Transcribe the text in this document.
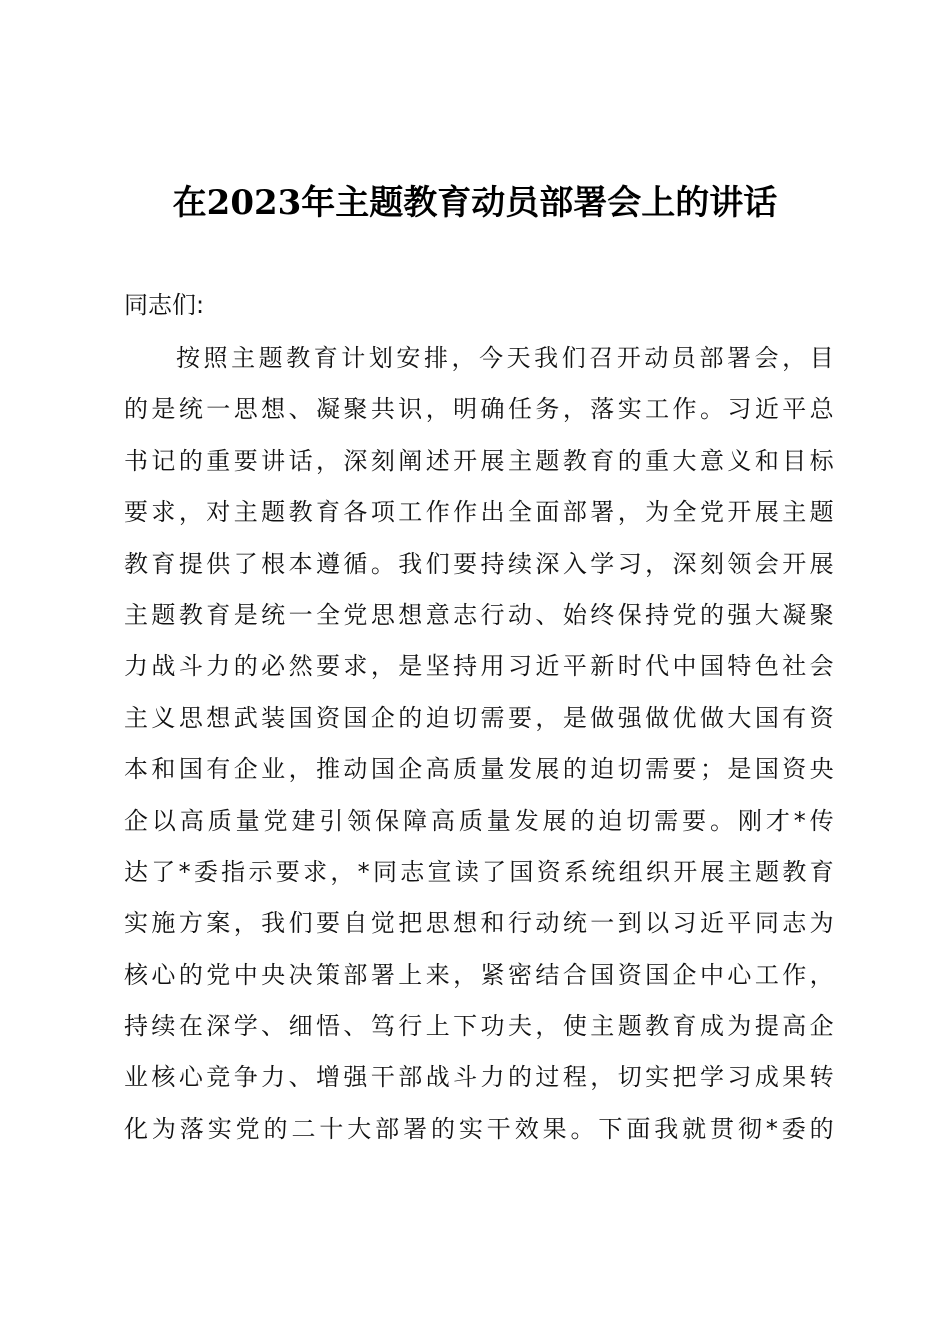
在2023年主题教育动员部署会上的讲话

同志们:

按照主题教育计划安排，今天我们召开动员部署会，目
的是统一思想、凝聚共识，明确任务，落实工作。习近平总
书记的重要讲话，深刻阐述开展主题教育的重大意义和目标
要求，对主题教育各项工作作出全面部署，为全党开展主题
教育提供了根本遵循。我们要持续深入学习，深刻领会开展
主题教育是统一全党思想意志行动、始终保持党的强大凝聚
力战斗力的必然要求，是坚持用习近平新时代中国特色社会
主义思想武装国资国企的迫切需要，是做强做优做大国有资
本和国有企业，推动国企高质量发展的迫切需要；是国资央
企以高质量党建引领保障高质量发展的迫切需要。刚才*传
达了*委指示要求，*同志宣读了国资系统组织开展主题教育
实施方案，我们要自觉把思想和行动统一到以习近平同志为
核心的党中央决策部署上来，紧密结合国资国企中心工作，
持续在深学、细悟、笃行上下功夫，使主题教育成为提高企
业核心竞争力、增强干部战斗力的过程，切实把学习成果转
化为落实党的二十大部署的实干效果。下面我就贯彻*委的
